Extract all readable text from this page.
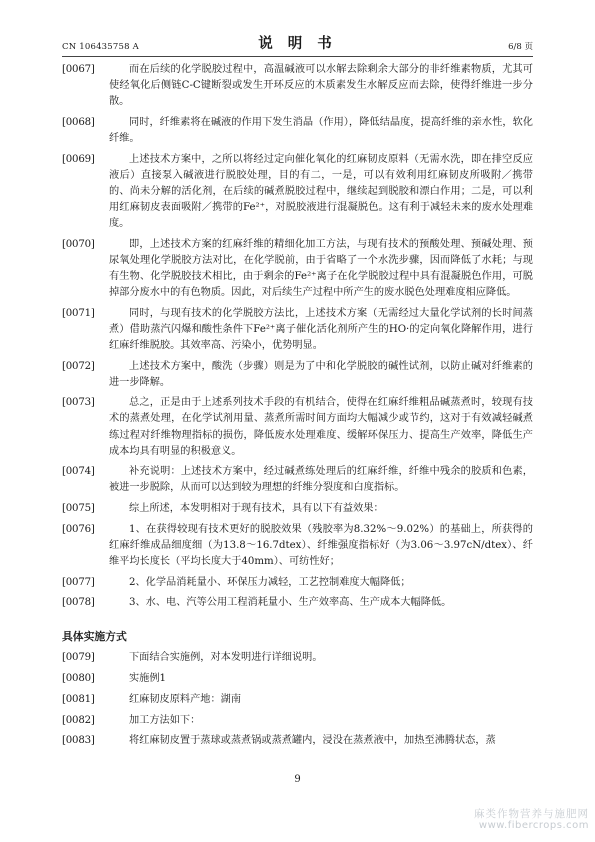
CN 106435758 A	说 明 书	6/8 页
[0067]	而在后续的化学脱胶过程中，高温碱液可以水解去除剩余大部分的非纤维素物质，尤其可使经氧化后侧链C-C键断裂或发生开环反应的木质素发生水解反应而去除，使得纤维进一步分散。
[0068]	同时，纤维素将在碱液的作用下发生消晶（作用），降低结晶度，提高纤维的亲水性，软化纤维。
[0069]	上述技术方案中，之所以将经过定向催化氧化的红麻韧皮原料（无需水洗，即在排空反应液后）直接泵入碱液进行脱胶处理，目的有二，一是，可以有效利用红麻韧皮所吸附／携带的、尚未分解的活化剂，在后续的碱煮脱胶过程中，继续起到脱胶和漂白作用；二是，可以利用红麻韧皮表面吸附／携带的Fe²⁺，对脱胶液进行混凝脱色。这有利于减轻未来的废水处理难度。
[0070]	即，上述技术方案的红麻纤维的精细化加工方法，与现有技术的预酸处理、预碱处理、预尿氧处理化学脱胶方法对比，在化学脱前，由于省略了一个水洗步骤，因而降低了水耗；与现有生物、化学脱胶技术相比，由于剩余的Fe²⁺离子在化学脱胶过程中具有混凝脱色作用，可脱掉部分废水中的有色物质。因此，对后续生产过程中所产生的废水脱色处理难度相应降低。
[0071]	同时，与现有技术的化学脱胶方法比，上述技术方案（无需经过大量化学试剂的长时间蒸煮）借助蒸汽闪爆和酸性条件下Fe²⁺离子催化活化剂所产生的HO·的定向氧化降解作用，进行红麻纤维脱胶。其效率高、污染小，优势明显。
[0072]	上述技术方案中，酸洗（步骤）则是为了中和化学脱胶的碱性试剂，以防止碱对纤维素的进一步降解。
[0073]	总之，正是由于上述系列技术手段的有机结合，使得在红麻纤维粗品碱蒸煮时，较现有技术的蒸煮处理，在化学试剂用量、蒸煮所需时间方面均大幅减少或节约，这对于有效减轻碱煮练过程对纤维物理指标的损伤，降低废水处理难度、缓解环保压力、提高生产效率，降低生产成本均具有明显的积极意义。
[0074]	补充说明：上述技术方案中，经过碱煮练处理后的红麻纤维，纤维中残余的胶质和色素，被进一步脱除，从而可以达到较为理想的纤维分裂度和白度指标。
[0075]	综上所述，本发明相对于现有技术，具有以下有益效果：
[0076]	1、在获得较现有技术更好的脱胶效果（残胶率为8.32%～9.02%）的基础上，所获得的红麻纤维成品细度细（为13.8～16.7dtex）、纤维强度指标好（为3.06～3.97cN/dtex）、纤维平均长度长（平均长度大于40mm）、可纺性好；
[0077]	2、化学品消耗量小、环保压力减轻，工艺控制难度大幅降低；
[0078]	3、水、电、汽等公用工程消耗量小、生产效率高、生产成本大幅降低。
具体实施方式
[0079]	下面结合实施例，对本发明进行详细说明。
[0080]	实施例1
[0081]	红麻韧皮原料产地：湖南
[0082]	加工方法如下：
[0083]	将红麻韧皮置于蒸球或蒸煮锅或蒸煮罐内，浸没在蒸煮液中，加热至沸腾状态，蒸
9
麻类作物营养与施肥网
www.fibercrops.com
